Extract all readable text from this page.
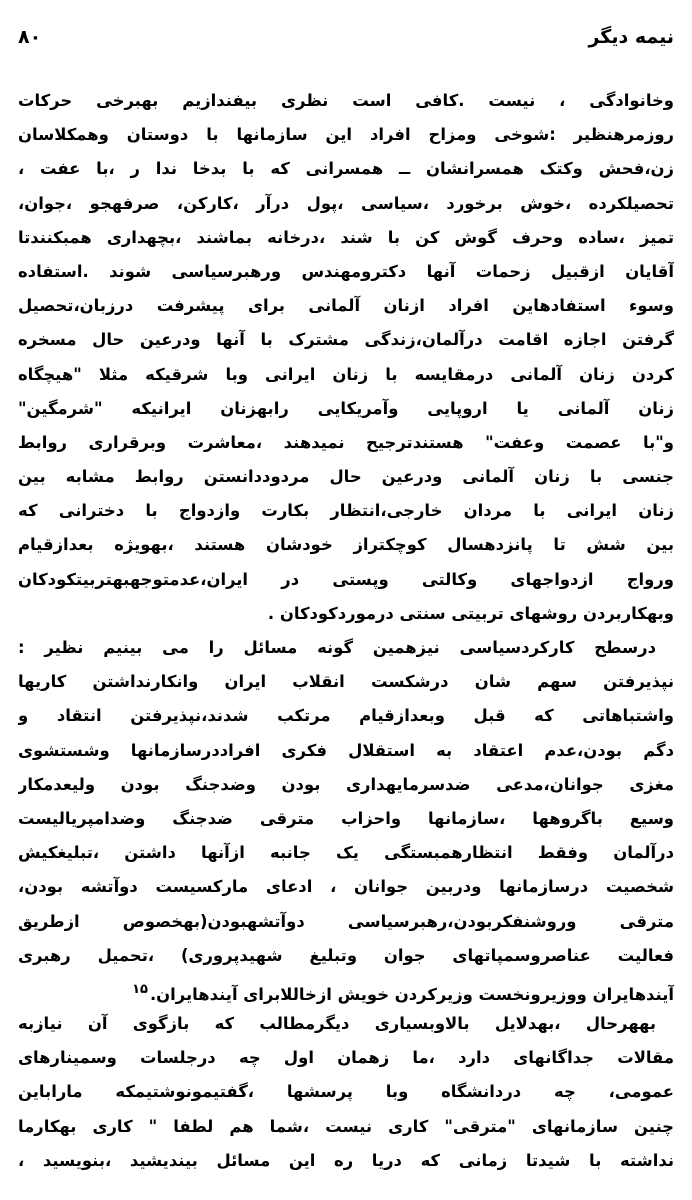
نیمه دیگر
۸۰
وخانوادگی ، نیست .کافی است نظری بیفندازیم بهبرخی حرکات
روزمرهنظیر :شوخی ومزاح افراد این سازمانها با دوستان وهمکلاسان
زن،فحش وکتک همسرانشان ــ همسرانی که با بدخا ندا ر ،با عفت ،
تحصیلکرده ،خوش برخورد ،سیاسی ،پول درآر ،کارکن، صرفهجو ،جوان،
تمیز ،ساده وحرف گوش کن با شند ،درخانه بماشند ،بچهداری همبکنندتا
آقایان ازقبیل زحمات آنها دکترومهندس ورهبرسیاسی شوند .استفاده
وسوء استفادهاین افراد ازنان آلمانی برای پیشرفت درزبان،تحصیل
گرفتن اجازه اقامت درآلمان،زندگی مشترک با آنها ودرعین حال مسخره
کردن زنان آلمانی درمقایسه با زنان ایرانی وبا شرقیکه مثلا "هیچگاه
زنان آلمانی یا اروپایی وآمریکایی رابهزنان ایرانیکه "شرمگین"
و"با عصمت وعفت" هستندترجیح نمیدهند ،معاشرت وبرقراری روابط
جنسی با زنان آلمانی ودرعین حال مردوددانستن روابط مشابه بین
زنان ایرانی با مردان خارجی،انتظار بکارت وازدواج با دخترانی که
بین شش تا پانزدهسال کوچکتراز خودشان هستند ،بهویژه بعدازقیام
ورواج ازدواجهای وکالتی وپستی در ایران،عدمتوجهبهتربیتکودکان
وبهکاربردن روشهای تربیتی سنتی درموردکودکان .
درسطح کارکردسیاسی نیزهمین گونه مسائل را می بینیم نظیر :
نپذیرفتن سهم شان درشکست انقلاب ایران وانکارنداشتن کاریها
واشتباهاتی که قبل وبعدازقیام مرتکب شدند،نپذیرفتن انتقاد و
دگم بودن،عدم اعتقاد به استقلال فکری افراددرسازمانها وشستشوی
مغزی جوانان،مدعی ضدسرمایهداری بودن وضدجنگ بودن ولیعدمکار
وسیع باگروهها ،سازمانها واحزاب مترقی ضدجنگ وضدامپریالیست
درآلمان وفقط انتظارهمبستگی یک جانبه ازآنها داشتن ،تبلیغکیش
شخصیت درسازمانها ودربین جوانان ، ادعای مارکسیست دوآتشه بودن،
مترقی وروشنفکربودن،رهبرسیاسی دوآتشهبودن(بهخصوص ازطریق
فعالیت عناصروسمپاتهای جوان وتبلیغ شهیدپروری) ،تحمیل رهبری
آیندهایران ووزیرونخست وزیرکردن خویش ازخاللابرای آیندهایران.$^{۱۵}$
بههرحال ،بهدلایل بالاوبسیاری دیگرمطالب که بازگوی آن نیازبه
مقالات جداگانهای دارد ،ما زهمان اول چه درجلسات وسمینارهای
عمومی، چه دردانشگاه وبا پرسشها ،گفتیمونوشتیمکه ماراباین
چنین سازمانهای "مترقی" کاری نیست ،شما هم لطفا " کاری بهکارما
نداشته با شیدتا زمانی که دریا ره این مسائل بیندیشید ،بنویسید ،
